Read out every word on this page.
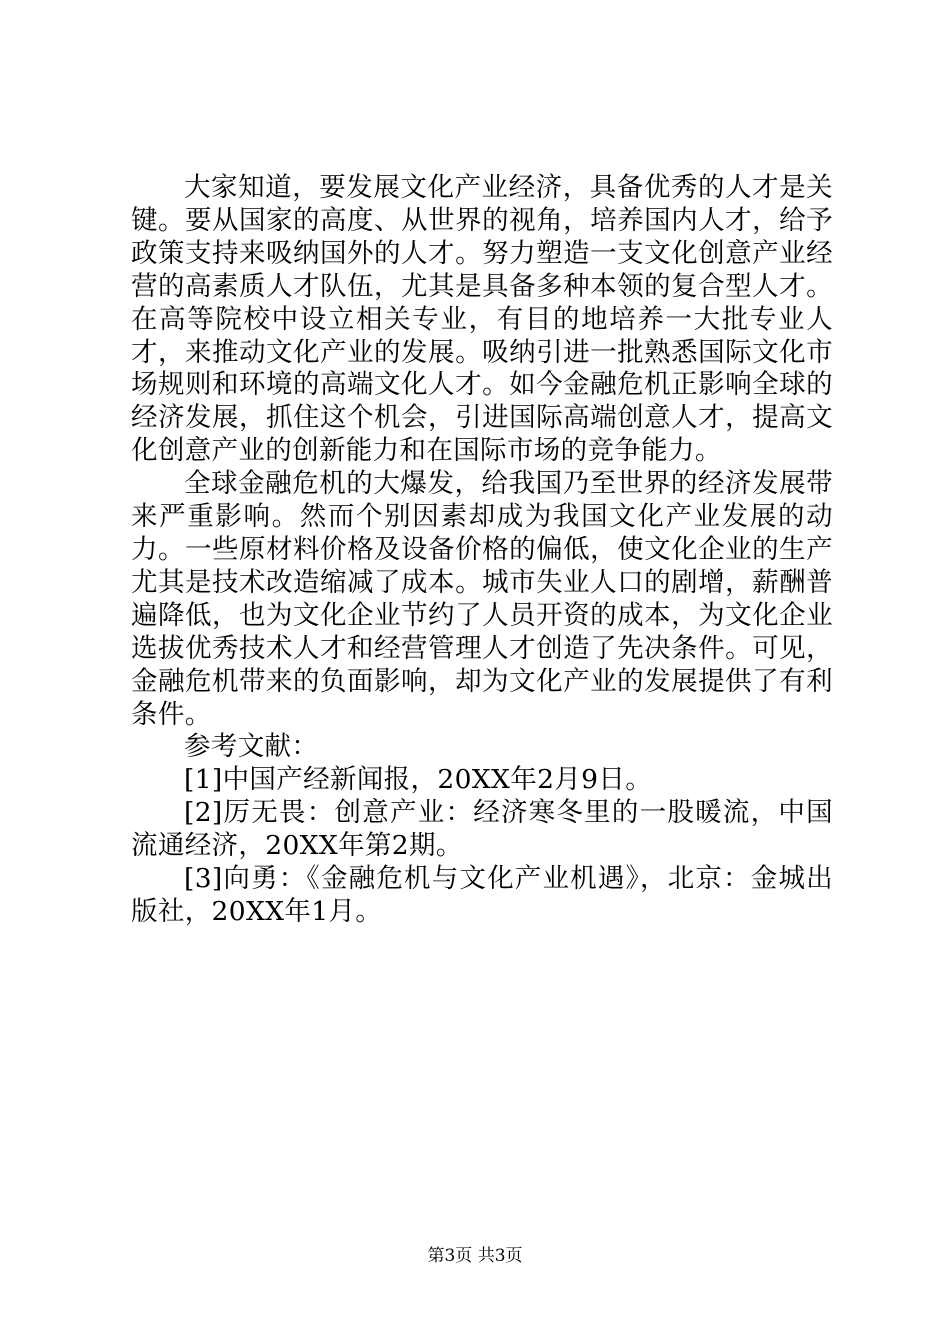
大家知道，要发展文化产业经济，具备优秀的人才是关键。要从国家的高度、从世界的视角，培养国内人才，给予政策支持来吸纳国外的人才。努力塑造一支文化创意产业经营的高素质人才队伍，尤其是具备多种本领的复合型人才。在高等院校中设立相关专业，有目的地培养一大批专业人才，来推动文化产业的发展。吸纳引进一批熟悉国际文化市场规则和环境的高端文化人才。如今金融危机正影响全球的经济发展，抓住这个机会，引进国际高端创意人才，提高文化创意产业的创新能力和在国际市场的竞争能力。

全球金融危机的大爆发，给我国乃至世界的经济发展带来严重影响。然而个别因素却成为我国文化产业发展的动力。一些原材料价格及设备价格的偏低，使文化企业的生产尤其是技术改造缩减了成本。城市失业人口的剧增，薪酬普遍降低，也为文化企业节约了人员开资的成本，为文化企业选拔优秀技术人才和经营管理人才创造了先决条件。可见，金融危机带来的负面影响，却为文化产业的发展提供了有利条件。

参考文献：

[1]中国产经新闻报，20XX年2月9日。

[2]厉无畏：创意产业：经济寒冬里的一股暖流，中国流通经济，20XX年第2期。

[3]向勇：《金融危机与文化产业机遇》，北京：金城出版社，20XX年1月。

第3页 共3页
